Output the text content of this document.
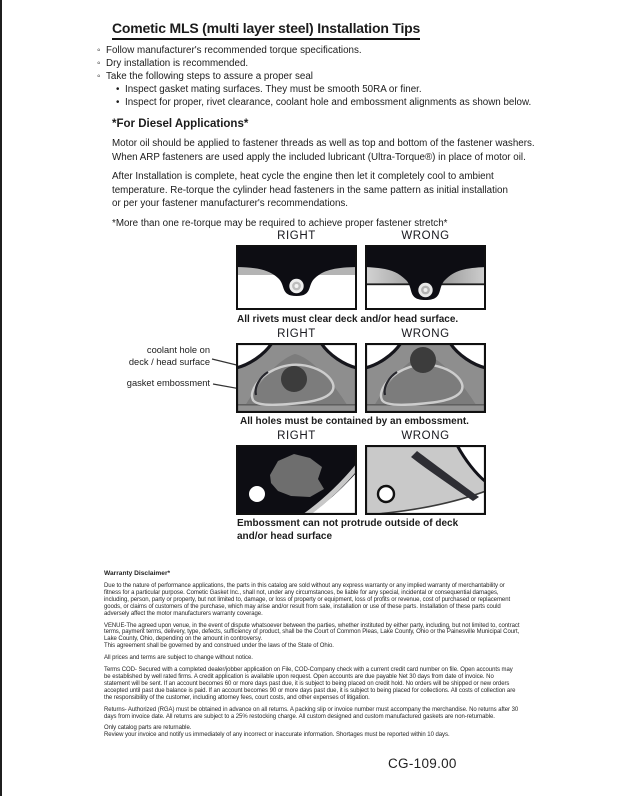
Cometic MLS (multi layer steel) Installation Tips
◦ Follow manufacturer's recommended torque specifications.
◦ Dry installation is recommended.
◦ Take the following steps to assure a proper seal
• Inspect gasket mating surfaces. They must be smooth 50RA or finer.
• Inspect for proper, rivet clearance, coolant hole and embossment alignments as shown below.
*For Diesel Applications*
Motor oil should be applied to fastener threads as well as top and bottom of the fastener washers.
When ARP fasteners are used apply the included lubricant (Ultra-Torque®) in place of motor oil.
After Installation is complete, heat cycle the engine then let it completely cool to ambient
temperature. Re-torque the cylinder head fasteners in the same pattern as initial installation
or per your fastener manufacturer's recommendations.
*More than one re-torque may be required to achieve proper fastener stretch*
RIGHT	WRONG
All rivets must clear deck and/or head surface.
coolant hole on
deck / head surface
gasket embossment
RIGHT	WRONG
All holes must be contained by an embossment.
RIGHT	WRONG
Embossment can not protrude outside of deck
and/or head surface
Warranty Disclaimer*

Due to the nature of performance applications, the parts in this catalog are sold without any express warranty or any implied warranty of merchantability or fitness for a particular purpose. Cometic Gasket Inc., shall not, under any circumstances, be liable for any special, incidental or consequential damages, including, person, party or property, but not limited to, damage, or loss of property or equipment, loss of profits or revenue, cost of purchased or replacement goods, or claims of customers of the purchase, which may arise and/or result from sale, installation or use of these parts. Installation of these parts could adversely affect the motor manufacturers warranty coverage.

VENUE-The agreed upon venue, in the event of dispute whatsoever between the parties, whether instituted by either party, including, but not limited to, contract terms, payment terms, delivery, type, defects, sufficiency of product, shall be the Court of Common Pleas, Lake County, Ohio or the Painesville Municipal Court, Lake County, Ohio, depending on the amount in controversy.

This agreement shall be governed by and construed under the laws of the State of Ohio.

All prices and terms are subject to change without notice.

Terms COD- Secured with a completed dealer/jobber application on File, COD-Company check with a current credit card number on file. Open accounts may be established by well rated firms. A credit application is available upon request. Open accounts are due payable Net 30 days from date of invoice. No statement will be sent. If an account becomes 60 or more days past due, it is subject to being placed on credit hold. No orders will be shipped or new orders accepted until past due balance is paid. If an account becomes 90 or more days past due, it is subject to being placed for collections. All costs of collection are the responsibility of the customer, including attorney fees, court costs, and other expenses of litigation.

Returns- Authorized (RGA) must be obtained in advance on all returns. A packing slip or invoice number must accompany the merchandise. No returns after 30 days from invoice date. All returns are subject to a 25% restocking charge. All custom designed and custom manufactured gaskets are non-returnable.

Only catalog parts are returnable.

Review your invoice and notify us immediately of any incorrect or inaccurate information. Shortages must be reported within 10 days.

CG-109.00
